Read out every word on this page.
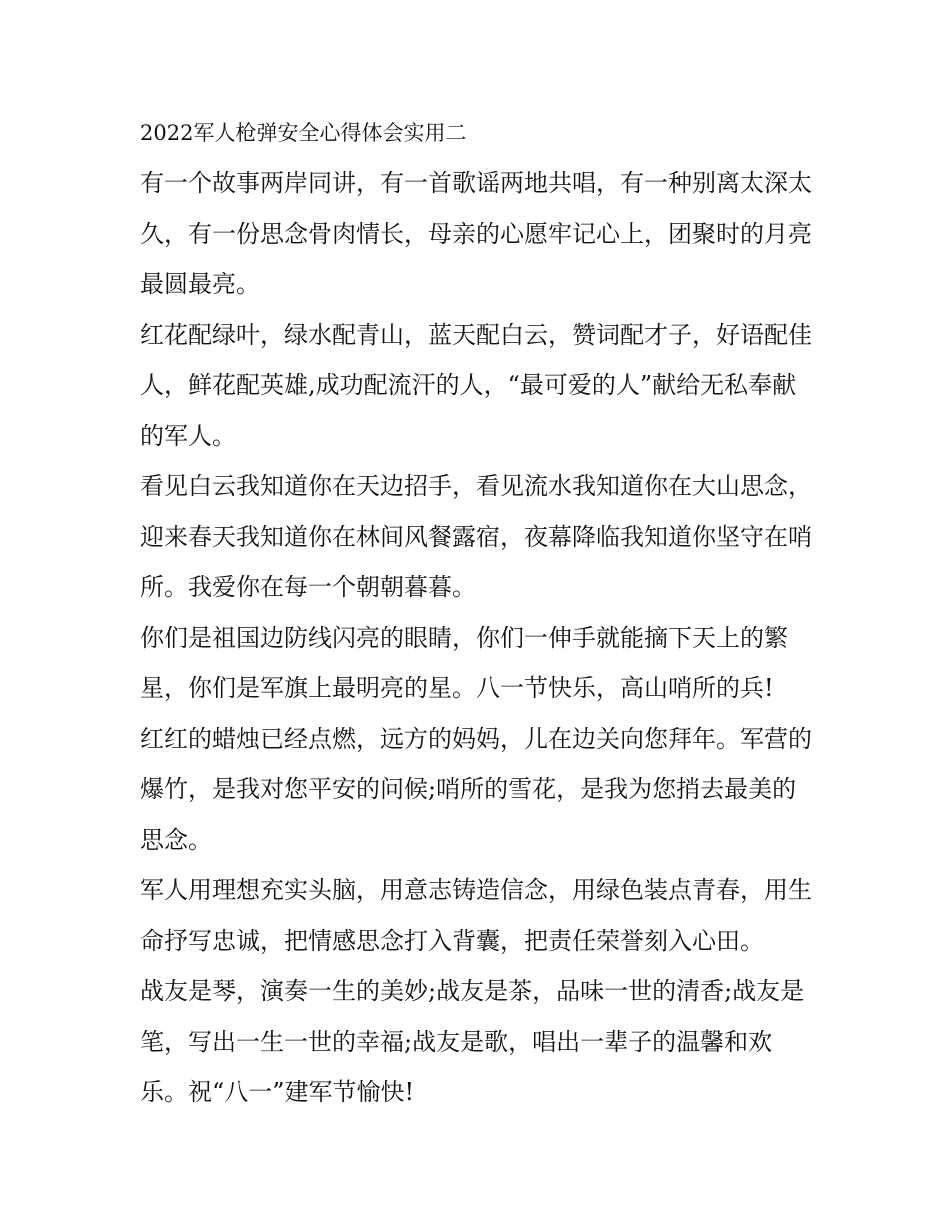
2022军人枪弹安全心得体会实用二

有一个故事两岸同讲，有一首歌谣两地共唱，有一种别离太深太久，有一份思念骨肉情长，母亲的心愿牢记心上，团聚时的月亮最圆最亮。

红花配绿叶，绿水配青山，蓝天配白云，赞词配才子，好语配佳人，鲜花配英雄,成功配流汗的人，“最可爱的人”献给无私奉献的军人。

看见白云我知道你在天边招手，看见流水我知道你在大山思念，迎来春天我知道你在林间风餐露宿，夜幕降临我知道你坚守在哨所。我爱你在每一个朝朝暮暮。

你们是祖国边防线闪亮的眼睛，你们一伸手就能摘下天上的繁星，你们是军旗上最明亮的星。八一节快乐，高山哨所的兵!

红红的蜡烛已经点燃，远方的妈妈，儿在边关向您拜年。军营的爆竹，是我对您平安的问候;哨所的雪花，是我为您捎去最美的思念。

军人用理想充实头脑，用意志铸造信念，用绿色装点青春，用生命抒写忠诚，把情感思念打入背囊，把责任荣誉刻入心田。

战友是琴，演奏一生的美妙;战友是茶，品味一世的清香;战友是笔，写出一生一世的幸福;战友是歌，唱出一辈子的温馨和欢乐。祝“八一”建军节愉快!
